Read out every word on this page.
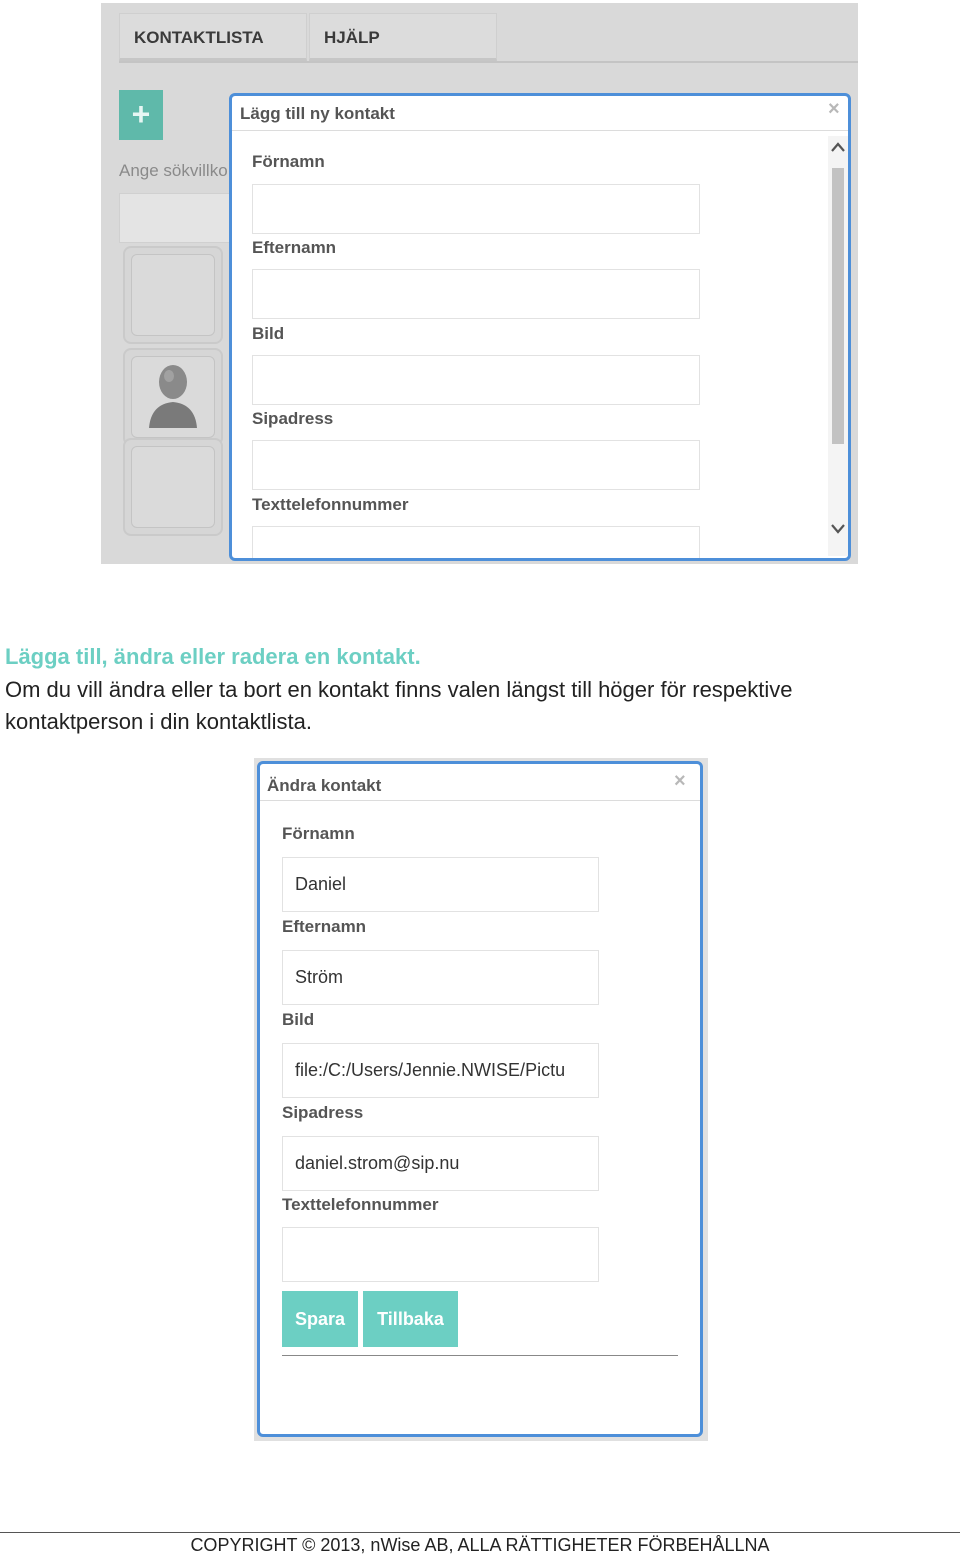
KONTAKTLISTA	HJÄLP
+
Ange sökvillko
Lägg till ny kontakt	×
Förnamn
Efternamn
Bild
Sipadress
Texttelefonnummer
Lägga till, ändra eller radera en kontakt.
Om du vill ändra eller ta bort en kontakt finns valen längst till höger för respektive kontaktperson i din kontaktlista.
Ändra kontakt	×
Förnamn
Daniel
Efternamn
Ström
Bild
file:/C:/Users/Jennie.NWISE/Pictu
Sipadress
daniel.strom@sip.nu
Texttelefonnummer
Spara	Tillbaka
COPYRIGHT © 2013, nWise AB, ALLA RÄTTIGHETER FÖRBEHÅLLNA
